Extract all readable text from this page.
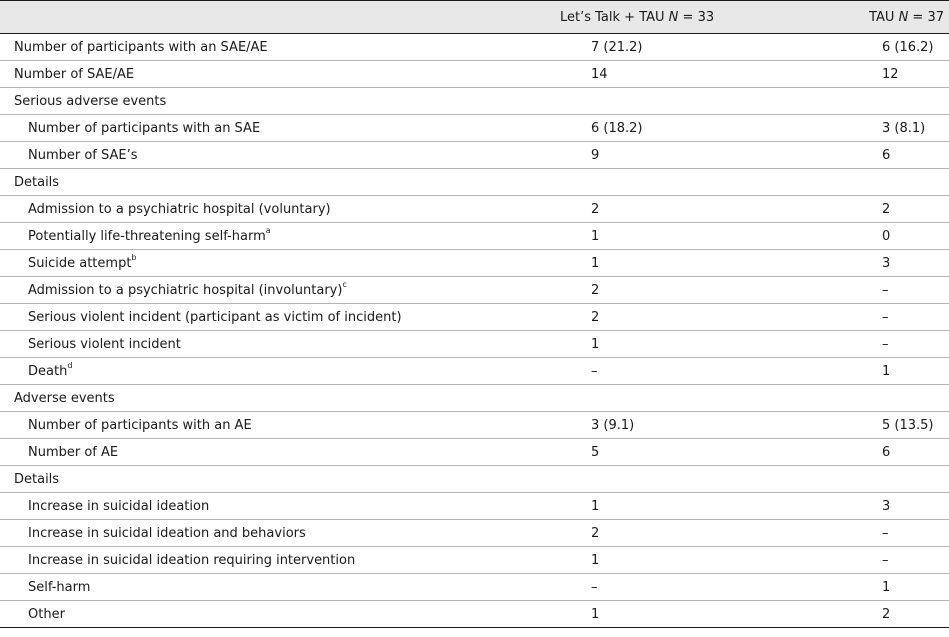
	Let’s Talk + TAU N = 33	TAU N = 37
Number of participants with an SAE/AE	7 (21.2)	6 (16.2)
Number of SAE/AE	14	12
Serious adverse events		
Number of participants with an SAE	6 (18.2)	3 (8.1)
Number of SAE’s	9	6
Details		
Admission to a psychiatric hospital (voluntary)	2	2
Potentially life-threatening self-harm$^a$	1	0
Suicide attempt$^b$	1	3
Admission to a psychiatric hospital (involuntary)$^c$	2	–
Serious violent incident (participant as victim of incident)	2	–
Serious violent incident	1	–
Death$^d$	–	1
Adverse events		
Number of participants with an AE	3 (9.1)	5 (13.5)
Number of AE	5	6
Details		
Increase in suicidal ideation	1	3
Increase in suicidal ideation and behaviors	2	–
Increase in suicidal ideation requiring intervention	1	–
Self-harm	–	1
Other	1	2
